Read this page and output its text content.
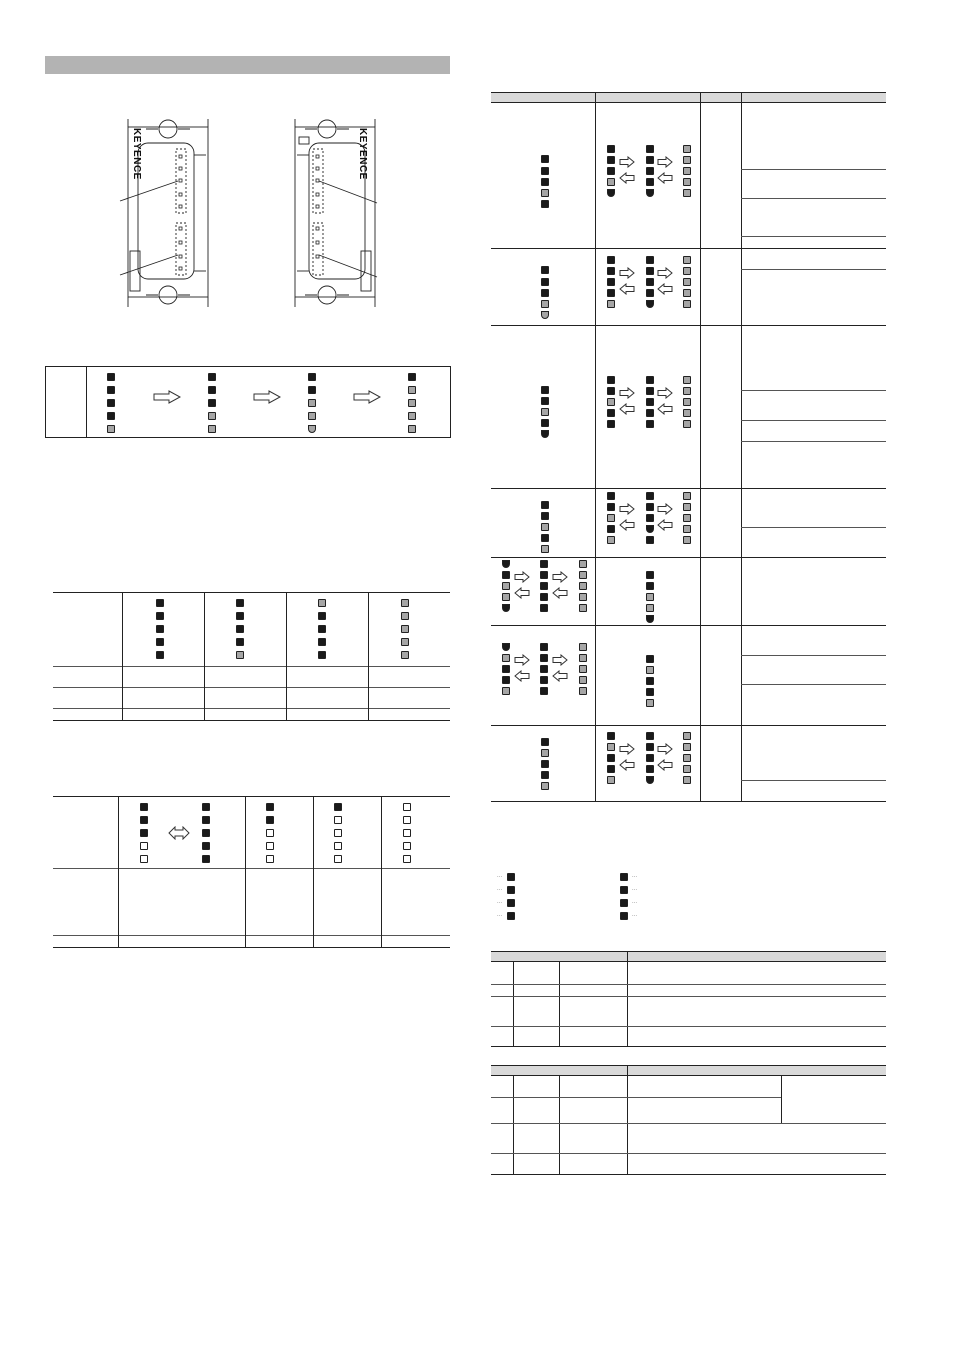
KEYENCE	KEYENCE
···
···
···
···
···
···
···
···
